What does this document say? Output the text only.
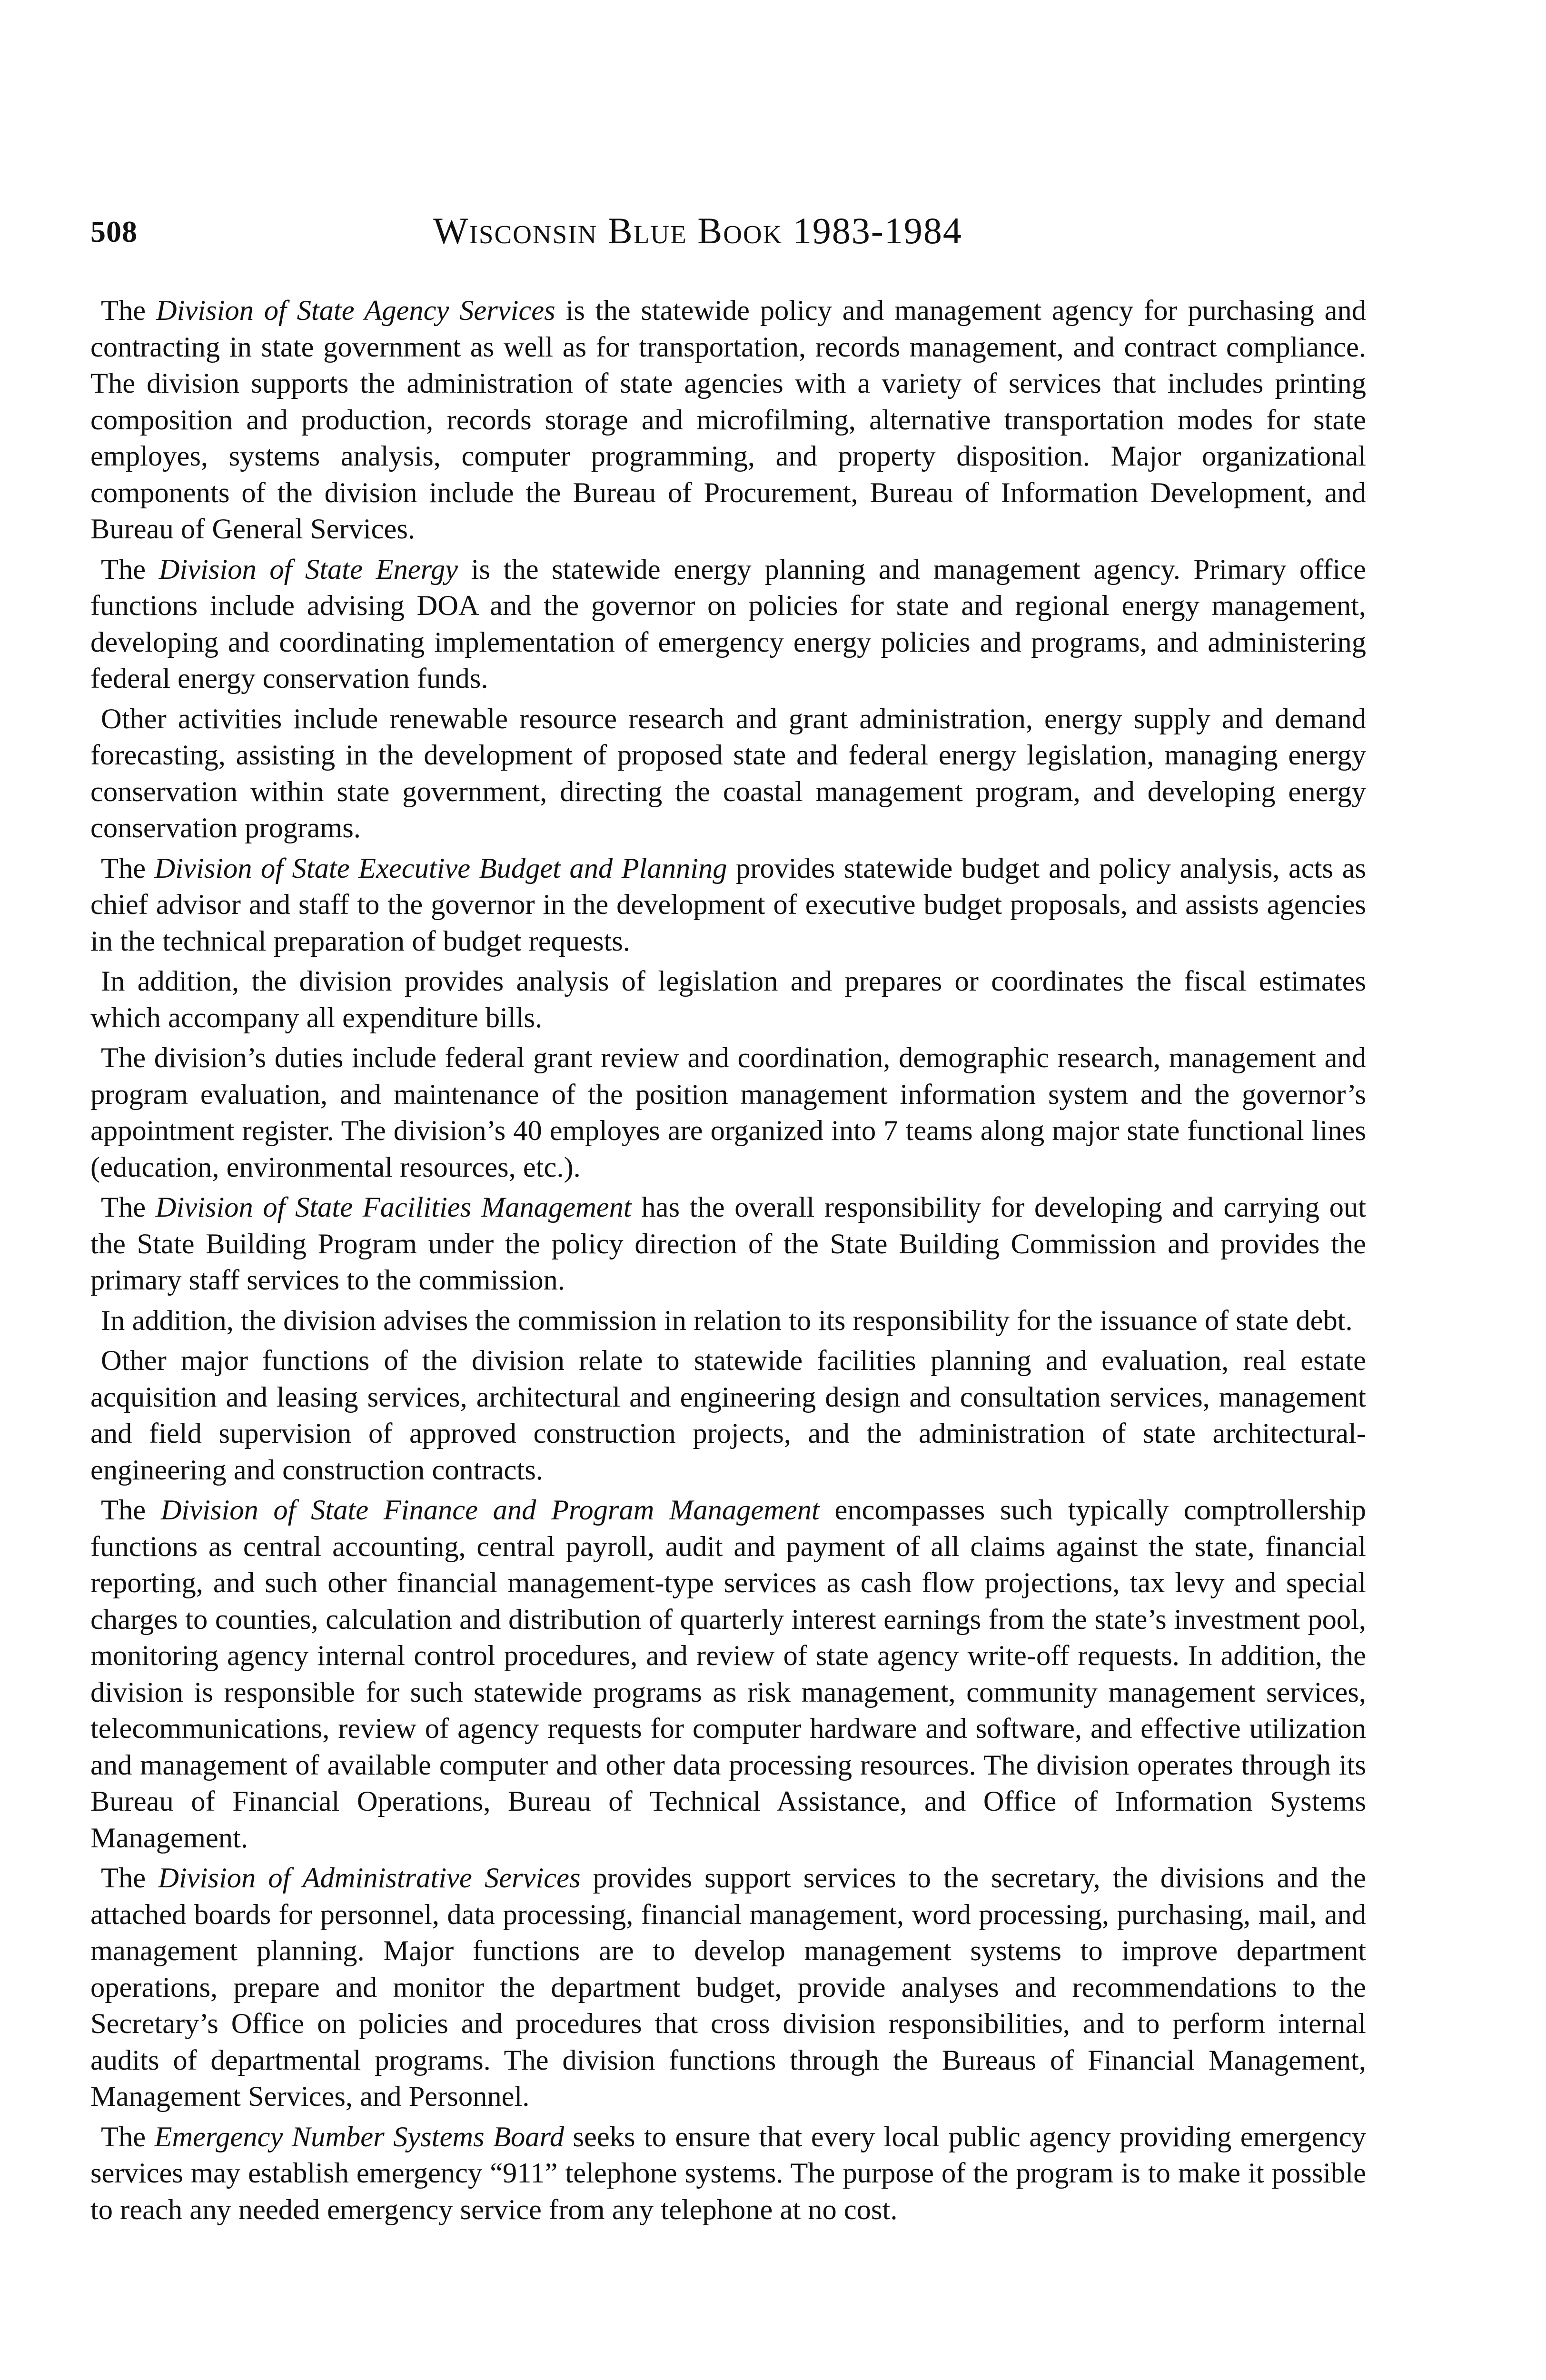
508	Wisconsin Blue Book 1983-1984

The Division of State Agency Services is the statewide policy and management agency for purchasing and contracting in state government as well as for transportation, records management, and contract compliance. The division supports the administration of state agencies with a variety of services that includes printing composition and production, records storage and microfilming, alternative transportation modes for state employes, systems analysis, computer programming, and property disposition. Major organizational components of the division include the Bureau of Procurement, Bureau of Information Development, and Bureau of General Services.

The Division of State Energy is the statewide energy planning and management agency. Primary office functions include advising DOA and the governor on policies for state and regional energy management, developing and coordinating implementation of emergency energy policies and programs, and administering federal energy conservation funds.

Other activities include renewable resource research and grant administration, energy supply and demand forecasting, assisting in the development of proposed state and federal energy legislation, managing energy conservation within state government, directing the coastal management program, and developing energy conservation programs.

The Division of State Executive Budget and Planning provides statewide budget and policy analysis, acts as chief advisor and staff to the governor in the development of executive budget proposals, and assists agencies in the technical preparation of budget requests.

In addition, the division provides analysis of legislation and prepares or coordinates the fiscal estimates which accompany all expenditure bills.

The division’s duties include federal grant review and coordination, demographic research, management and program evaluation, and maintenance of the position management information system and the governor’s appointment register. The division’s 40 employes are organized into 7 teams along major state functional lines (education, environmental resources, etc.).

The Division of State Facilities Management has the overall responsibility for developing and carrying out the State Building Program under the policy direction of the State Building Commission and provides the primary staff services to the commission.

In addition, the division advises the commission in relation to its responsibility for the issuance of state debt.

Other major functions of the division relate to statewide facilities planning and evaluation, real estate acquisition and leasing services, architectural and engineering design and consultation services, management and field supervision of approved construction projects, and the administration of state architectural-engineering and construction contracts.

The Division of State Finance and Program Management encompasses such typically comptrollership functions as central accounting, central payroll, audit and payment of all claims against the state, financial reporting, and such other financial management-type services as cash flow projections, tax levy and special charges to counties, calculation and distribution of quarterly interest earnings from the state’s investment pool, monitoring agency internal control procedures, and review of state agency write-off requests. In addition, the division is responsible for such statewide programs as risk management, community management services, telecommunications, review of agency requests for computer hardware and software, and effective utilization and management of available computer and other data processing resources. The division operates through its Bureau of Financial Operations, Bureau of Technical Assistance, and Office of Information Systems Management.

The Division of Administrative Services provides support services to the secretary, the divisions and the attached boards for personnel, data processing, financial management, word processing, purchasing, mail, and management planning. Major functions are to develop management systems to improve department operations, prepare and monitor the department budget, provide analyses and recommendations to the Secretary’s Office on policies and procedures that cross division responsibilities, and to perform internal audits of departmental programs. The division functions through the Bureaus of Financial Management, Management Services, and Personnel.

The Emergency Number Systems Board seeks to ensure that every local public agency providing emergency services may establish emergency “911” telephone systems. The purpose of the program is to make it possible to reach any needed emergency service from any telephone at no cost.
